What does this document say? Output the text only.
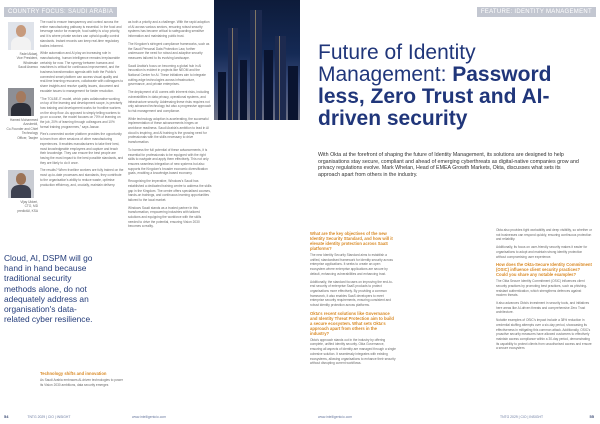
COUNTRY FOCUS: SAUDI ARABIA
Fadel Aldaej,
Vice President, Wholesale
Saudi Aramco
Hamed Mohammed Azzubeidi,
Co-Founder and Chief Technology
Officer, Tawjee
Vijay Ukkeri,
CTO, MD
predictAI, KSA

The road to ensure transparency and control across the entire manufacturing pathway is essential. In the food and beverage sector for example, food safety is a top priority, and it is where private sectors can uphold quality control standards. Instant records can keep real-time regulatory bodies informed.

While automation and AI play an increasing role in manufacturing, human intelligence remains irreplaceable certainly for now. The synergy between humans and machines is critical for continuous improvement, and the business transformation agenda with both the Public's connected smart platform can access visual quality and real-time learning resources, collaborate with colleagues to share insights and resolve quality issues, document and escalate issues to management for faster resolution.

"The TOLBE-IT model, which pairs collaborative working on top of the learning and development scope, is precisely how training and development works for frontline workers on the shop floor. As opposed to simply telling workers to go on a course, the model focuses on 70% of learning on the job, 20% of learning through colleagues and 10% formal training programmes," says Jassar.

Plex's connected worker platform provides the opportunity to learn from other sessions of other manufacturing experiences. It enables manufacturers to take their best, most knowledgeable employees and capture and teach their knowledge. They can ensure the best people are having the most impact to the best possible standards, and they are likely to do it once.

The results? When frontline workers are fully trained on the most up-to-date processes and standards, they contribute to the organisation's ability to reduce waste, optimise production efficiency, and, crucially, maintain delivery.

Cloud, AI, DSPM will go hand in hand because traditional security methods alone, do not adequately address an organisation's data-related cyber resilience.
Technology shifts and innovation

As Saudi Arabia embraces AI-driven technologies to power its Vision 2030 ambitions, data security emerges

as both a priority and a challenge. With the rapid adoption of AI across various sectors, ensuring robust security systems has become critical to safeguarding sensitive information and maintaining public trust.

The Kingdom's stringent compliance frameworks, such as the Saudi Personal Data Protection Law, further underscore the need for robust and adaptive security measures tailored to its evolving landscape.

Saudi Arabia's focus on becoming a global hub in AI innovation is evident in projects like NEOM and the National Center for AI. These initiatives aim to integrate cutting-edge technologies across infrastructure, governance, and private enterprises.

The deployment of AI comes with inherent risks, including vulnerabilities in data privacy, operational systems, and infrastructure security. Addressing these risks requires not only advanced technology but also a progressive approach to risk management and compliance.

While technology adoption is accelerating, the successful implementation of these advancements hinges on workforce readiness. Saudi Arabia's ambition to lead in AI cloud is inspiring, and AI training is the growing need for professionals with the skills necessary to drive transformation.

To harness the full potential of these advancements, it is essential for professionals to be equipped with the right skills to navigate and apply them effectively. This not only ensures seamless integration of new systems but also supports the Kingdom's broader economic diversification goals, enabling a knowledge-based economy.

Recognising the imperative, Windows's Saudi has established a dedicated training centre to address the skills gap in the Kingdom. The centre offers specialised courses, hands-on trainings, and continuous learning opportunities tailored to the local market.

Windows Saudi stands as a trusted partner in this transformation, empowering industries with tailored solutions and equipping the workforce with the skills needed to drive the potential, ensuring Vision 2030 becomes a reality.

54	TNTG 2029 | CIO | INSIGHT	www.intelligentcio.com
FEATURE: IDENTITY MANAGEMENT
Future of Identity Management: Password less, Zero Trust and AI-driven security
With Okta at the forefront of shaping the future of Identity Management, its solutions are designed to help organisations stay secure, compliant and ahead of emerging cyberthreats as digital-native companies grow and privacy regulations evolve. Mark Whelan, Head of EMEA Growth Markets, Okta, discusses what sets its approach apart from others in the industry.
What are the key objectives of the new Identity Security Standard, and how will it elevate identity protection across SaaS platforms?

The new Identity Security Standard aims to establish a unified, standardised framework for identity security across enterprise applications. It seeks to create an open ecosystem where enterprise applications are secure by default, enhancing vulnerabilities and enhancing trust.

Additionally, the standard focuses on improving the end-to-end security of enterprise SaaS products to protect organisations more effectively. By providing a common framework, it also enables SaaS developers to meet enterprise security requirements, ensuring consistent and robust identity protection across platforms.

Okta's recent solutions like Governance and Identity Threat Protection aim to build a secure ecosystem. What sets Okta's approach apart from others in the industry?

Okta's approach stands out in the industry by offering complete, unified identity security. Okta Governance, ensuring all aspects of identity are managed through a single cohesive solution. It seamlessly integrates with existing ecosystems, allowing organisations to enhance their security without disrupting current workflows.

Okta also provides tight workability and deep visibility, so whether or not businesses can respond quickly, ensuring continuous protection and reliability.

Additionally, its focus on user-friendly security makes it easier for organisations to adopt and maintain strong identity protection without compromising user experience.

How does the Okta-Secure Identity Commitment (OSIC) influence client security practices? Could you share any notable examples?

The Okta Secure Identity Commitment (OSIC) influences client security practices by promoting best practices, such as phishing-resistant authentication, which strengthens defences against modern threats.

It also advances Okta's investment in security tools, and initiatives here areas like AI-driven threats and comprehensive Zero Trust architecture.

Notable examples of OSIC's impact include a 38% reduction in credential stuffing attempts over a six-day period, showcasing its effectiveness in mitigating this common attack. Additionally, OSIC's proactive security measures have allowed customers to effectively maintain access compliance within a 30-day period, demonstrating its capability to protect clients from unauthorised access and ensure a secure ecosystem.

www.intelligentcio.com	TNTG 2029 | CIO | INSIGHT	55
